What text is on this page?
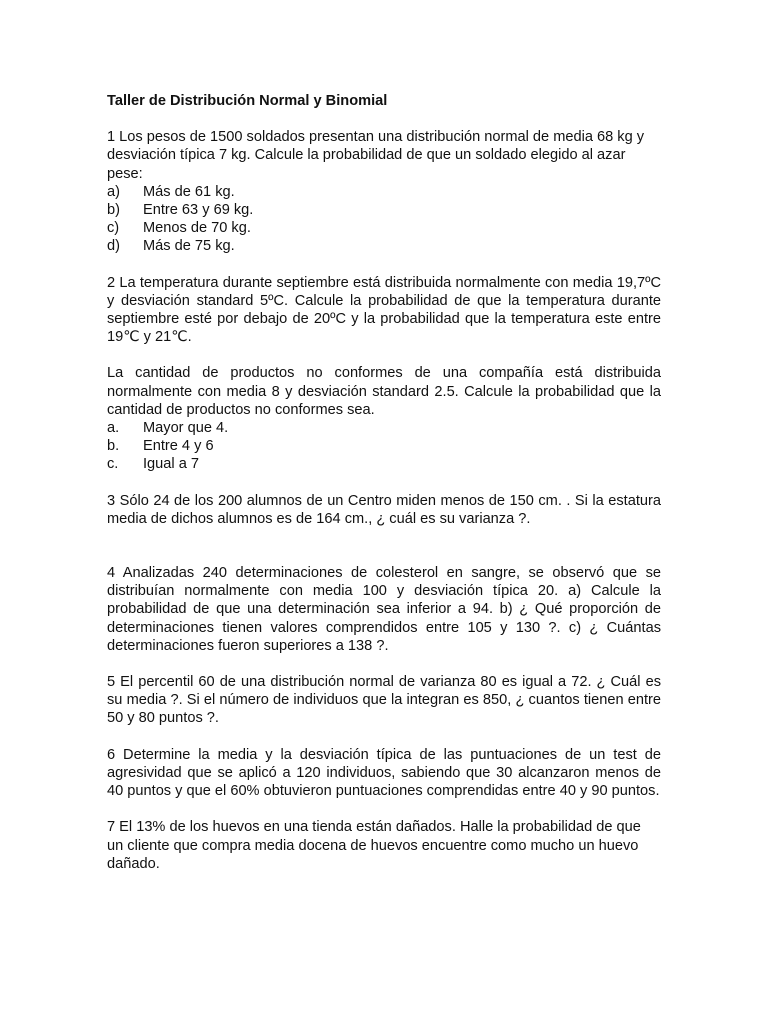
Taller de Distribución Normal y Binomial

1 Los pesos de 1500 soldados presentan una distribución normal de media 68 kg y desviación típica 7 kg. Calcule la probabilidad de que un soldado elegido al azar pese:

a)	Más de 61 kg.
b)	Entre 63 y 69 kg.
c)	Menos de 70 kg.
d)	Más de 75 kg.

2 La temperatura durante septiembre está distribuida normalmente con media 19,7ºC y desviación standard 5ºC. Calcule la probabilidad de que la temperatura durante septiembre esté por debajo de 20ºC y la probabilidad que la temperatura este entre 19℃ y 21℃.

La cantidad de productos no conformes de una compañía está distribuida normalmente con media 8 y desviación standard 2.5. Calcule la probabilidad que la cantidad de productos no conformes sea.

a.	Mayor que 4.
b.	Entre 4 y 6
c.	Igual a 7

3 Sólo 24 de los 200 alumnos de un Centro miden menos de 150 cm. . Si la estatura media de dichos alumnos es de 164 cm., ¿ cuál es su varianza ?.

4 Analizadas 240 determinaciones de colesterol en sangre, se observó que se distribuían normalmente con media 100 y desviación típica 20. a) Calcule la probabilidad de que una determinación sea inferior a 94. b) ¿ Qué proporción de determinaciones tienen valores comprendidos entre 105 y 130 ?. c) ¿ Cuántas determinaciones fueron superiores a 138 ?.

5 El percentil 60 de una distribución normal de varianza 80 es igual a 72. ¿ Cuál es su media ?. Si el número de individuos que la integran es 850, ¿ cuantos tienen entre 50 y 80 puntos ?.

6 Determine la media y la desviación típica de las puntuaciones de un test de agresividad que se aplicó a 120 individuos, sabiendo que 30 alcanzaron menos de 40 puntos y que el 60% obtuvieron puntuaciones comprendidas entre 40 y 90 puntos.

7 El 13% de los huevos en una tienda están dañados. Halle la probabilidad de que un cliente que compra media docena de huevos encuentre como mucho un huevo dañado.
